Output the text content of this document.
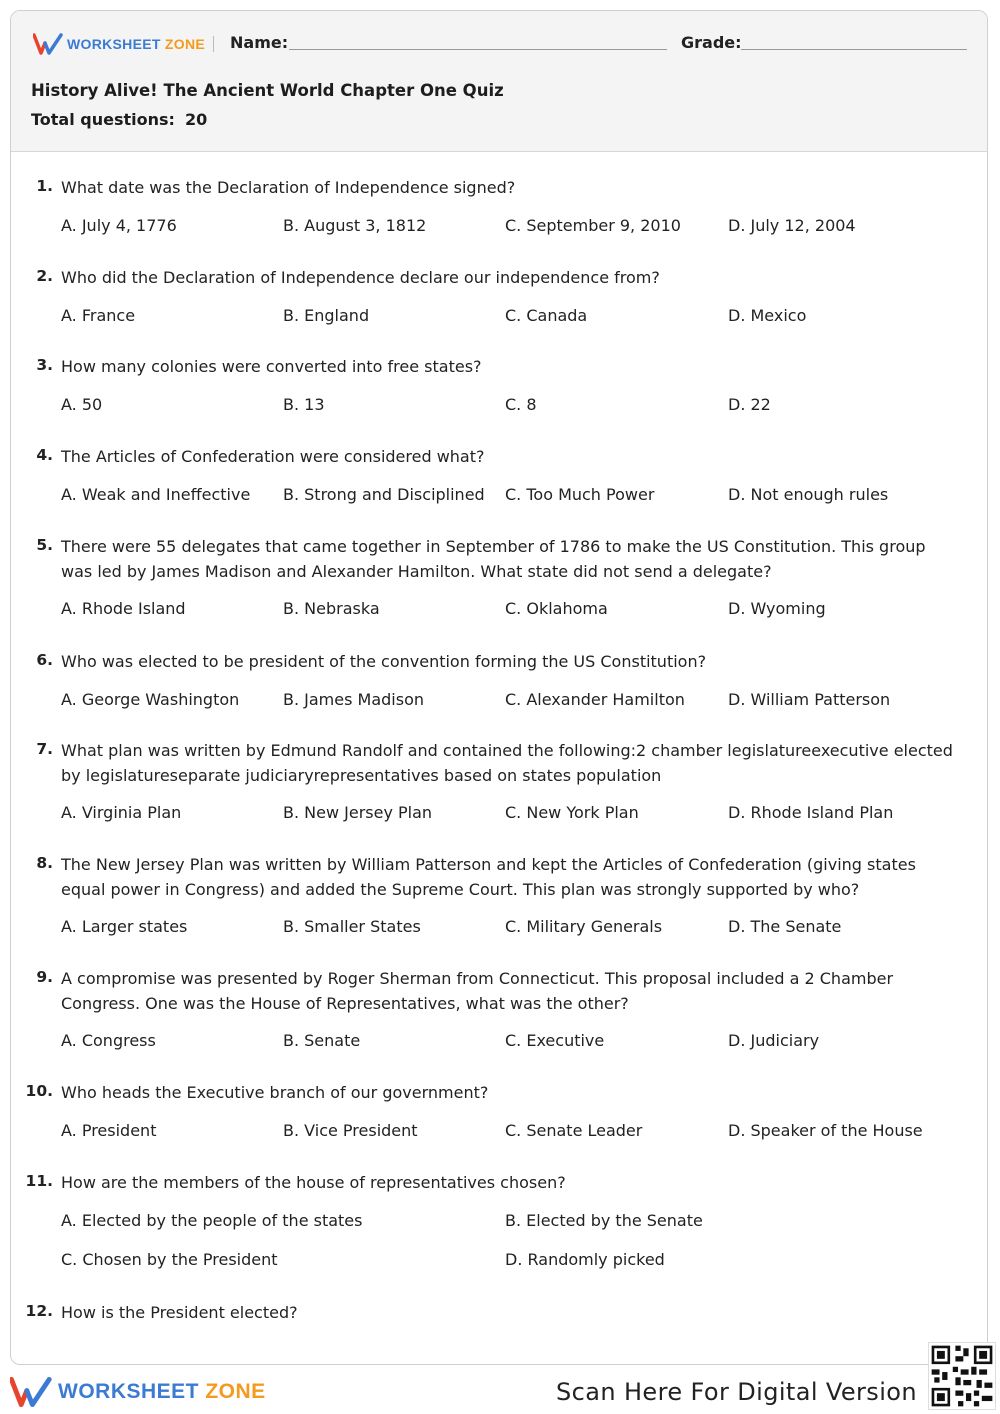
WORKSHEET ZONE Name:	Grade:
History Alive! The Ancient World Chapter One Quiz
Total questions: 20
1. What date was the Declaration of Independence signed?
A. July 4, 1776	B. August 3, 1812	C. September 9, 2010	D. July 12, 2004
2. Who did the Declaration of Independence declare our independence from?
A. France	B. England	C. Canada	D. Mexico
3. How many colonies were converted into free states?
A. 50	B. 13	C. 8	D. 22
4. The Articles of Confederation were considered what?
A. Weak and Ineffective B. Strong and Disciplined C. Too Much Power	D. Not enough rules
5. There were 55 delegates that came together in September of 1786 to make the US Constitution. This group was led by James Madison and Alexander Hamilton. What state did not send a delegate?
A. Rhode Island	B. Nebraska	C. Oklahoma	D. Wyoming
6. Who was elected to be president of the convention forming the US Constitution?
A. George Washington	B. James Madison	C. Alexander Hamilton	D. William Patterson
7. What plan was written by Edmund Randolf and contained the following:2 chamber legislatureexecutive elected by legislatureseparate judiciaryrepresentatives based on states population
A. Virginia Plan	B. New Jersey Plan	C. New York Plan	D. Rhode Island Plan
8. The New Jersey Plan was written by William Patterson and kept the Articles of Confederation (giving states equal power in Congress) and added the Supreme Court. This plan was strongly supported by who?
A. Larger states	B. Smaller States	C. Military Generals	D. The Senate
9. A compromise was presented by Roger Sherman from Connecticut. This proposal included a 2 Chamber Congress. One was the House of Representatives, what was the other?
A. Congress	B. Senate	C. Executive	D. Judiciary
10. Who heads the Executive branch of our government?
A. President	B. Vice President	C. Senate Leader	D. Speaker of the House
11. How are the members of the house of representatives chosen?
A. Elected by the people of the states	B. Elected by the Senate
C. Chosen by the President	D. Randomly picked
12. How is the President elected?
WORKSHEET ZONE	Scan Here For Digital Version
